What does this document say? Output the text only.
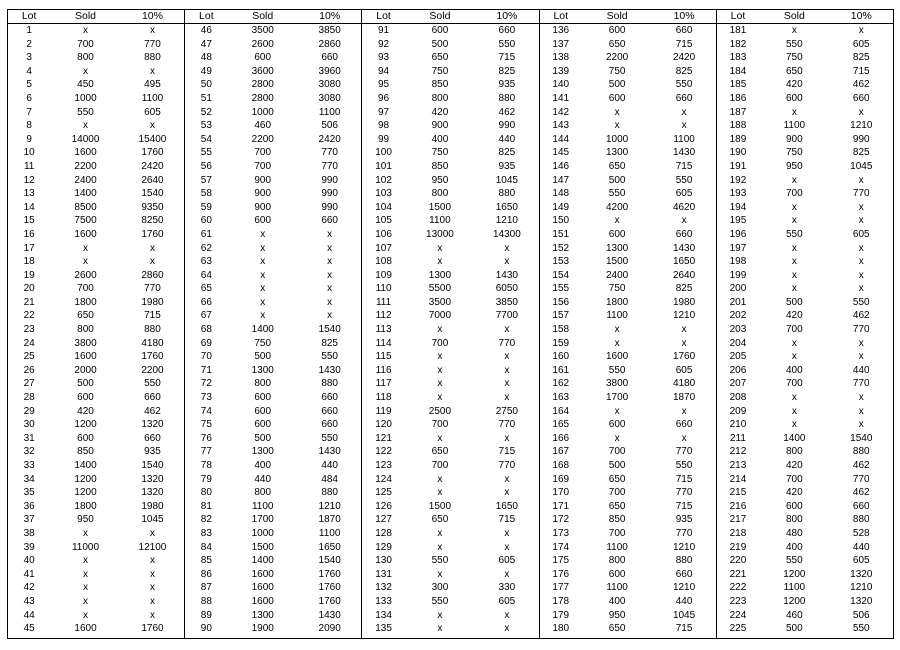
Lot	Sold	10%
1	x	x
2	700	770
3	800	880
4	x	x
5	450	495
6	1000	1100
7	550	605
8	x	x
9	14000	15400
10	1600	1760
11	2200	2420
12	2400	2640
13	1400	1540
14	8500	9350
15	7500	8250
16	1600	1760
17	x	x
18	x	x
19	2600	2860
20	700	770
21	1800	1980
22	650	715
23	800	880
24	3800	4180
25	1600	1760
26	2000	2200
27	500	550
28	600	660
29	420	462
30	1200	1320
31	600	660
32	850	935
33	1400	1540
34	1200	1320
35	1200	1320
36	1800	1980
37	950	1045
38	x	x
39	11000	12100
40	x	x
41	x	x
42	x	x
43	x	x
44	x	x
45	1600	1760
Lot	Sold	10%
46	3500	3850
47	2600	2860
48	600	660
49	3600	3960
50	2800	3080
51	2800	3080
52	1000	1100
53	460	506
54	2200	2420
55	700	770
56	700	770
57	900	990
58	900	990
59	900	990
60	600	660
61	x	x
62	x	x
63	x	x
64	x	x
65	x	x
66	x	x
67	x	x
68	1400	1540
69	750	825
70	500	550
71	1300	1430
72	800	880
73	600	660
74	600	660
75	600	660
76	500	550
77	1300	1430
78	400	440
79	440	484
80	800	880
81	1100	1210
82	1700	1870
83	1000	1100
84	1500	1650
85	1400	1540
86	1600	1760
87	1600	1760
88	1600	1760
89	1300	1430
90	1900	2090
Lot	Sold	10%
91	600	660
92	500	550
93	650	715
94	750	825
95	850	935
96	800	880
97	420	462
98	900	990
99	400	440
100	750	825
101	850	935
102	950	1045
103	800	880
104	1500	1650
105	1100	1210
106	13000	14300
107	x	x
108	x	x
109	1300	1430
110	5500	6050
111	3500	3850
112	7000	7700
113	x	x
114	700	770
115	x	x
116	x	x
117	x	x
118	x	x
119	2500	2750
120	700	770
121	x	x
122	650	715
123	700	770
124	x	x
125	x	x
126	1500	1650
127	650	715
128	x	x
129	x	x
130	550	605
131	x	x
132	300	330
133	550	605
134	x	x
135	x	x
Lot	Sold	10%
136	600	660
137	650	715
138	2200	2420
139	750	825
140	500	550
141	600	660
142	x	x
143	x	x
144	1000	1100
145	1300	1430
146	650	715
147	500	550
148	550	605
149	4200	4620
150	x	x
151	600	660
152	1300	1430
153	1500	1650
154	2400	2640
155	750	825
156	1800	1980
157	1100	1210
158	x	x
159	x	x
160	1600	1760
161	550	605
162	3800	4180
163	1700	1870
164	x	x
165	600	660
166	x	x
167	700	770
168	500	550
169	650	715
170	700	770
171	650	715
172	850	935
173	700	770
174	1100	1210
175	800	880
176	600	660
177	1100	1210
178	400	440
179	950	1045
180	650	715
Lot	Sold	10%
181	x	x
182	550	605
183	750	825
184	650	715
185	420	462
186	600	660
187	x	x
188	1100	1210
189	900	990
190	750	825
191	950	1045
192	x	x
193	700	770
194	x	x
195	x	x
196	550	605
197	x	x
198	x	x
199	x	x
200	x	x
201	500	550
202	420	462
203	700	770
204	x	x
205	x	x
206	400	440
207	700	770
208	x	x
209	x	x
210	x	x
211	1400	1540
212	800	880
213	420	462
214	700	770
215	420	462
216	600	660
217	800	880
218	480	528
219	400	440
220	550	605
221	1200	1320
222	1100	1210
223	1200	1320
224	460	506
225	500	550
